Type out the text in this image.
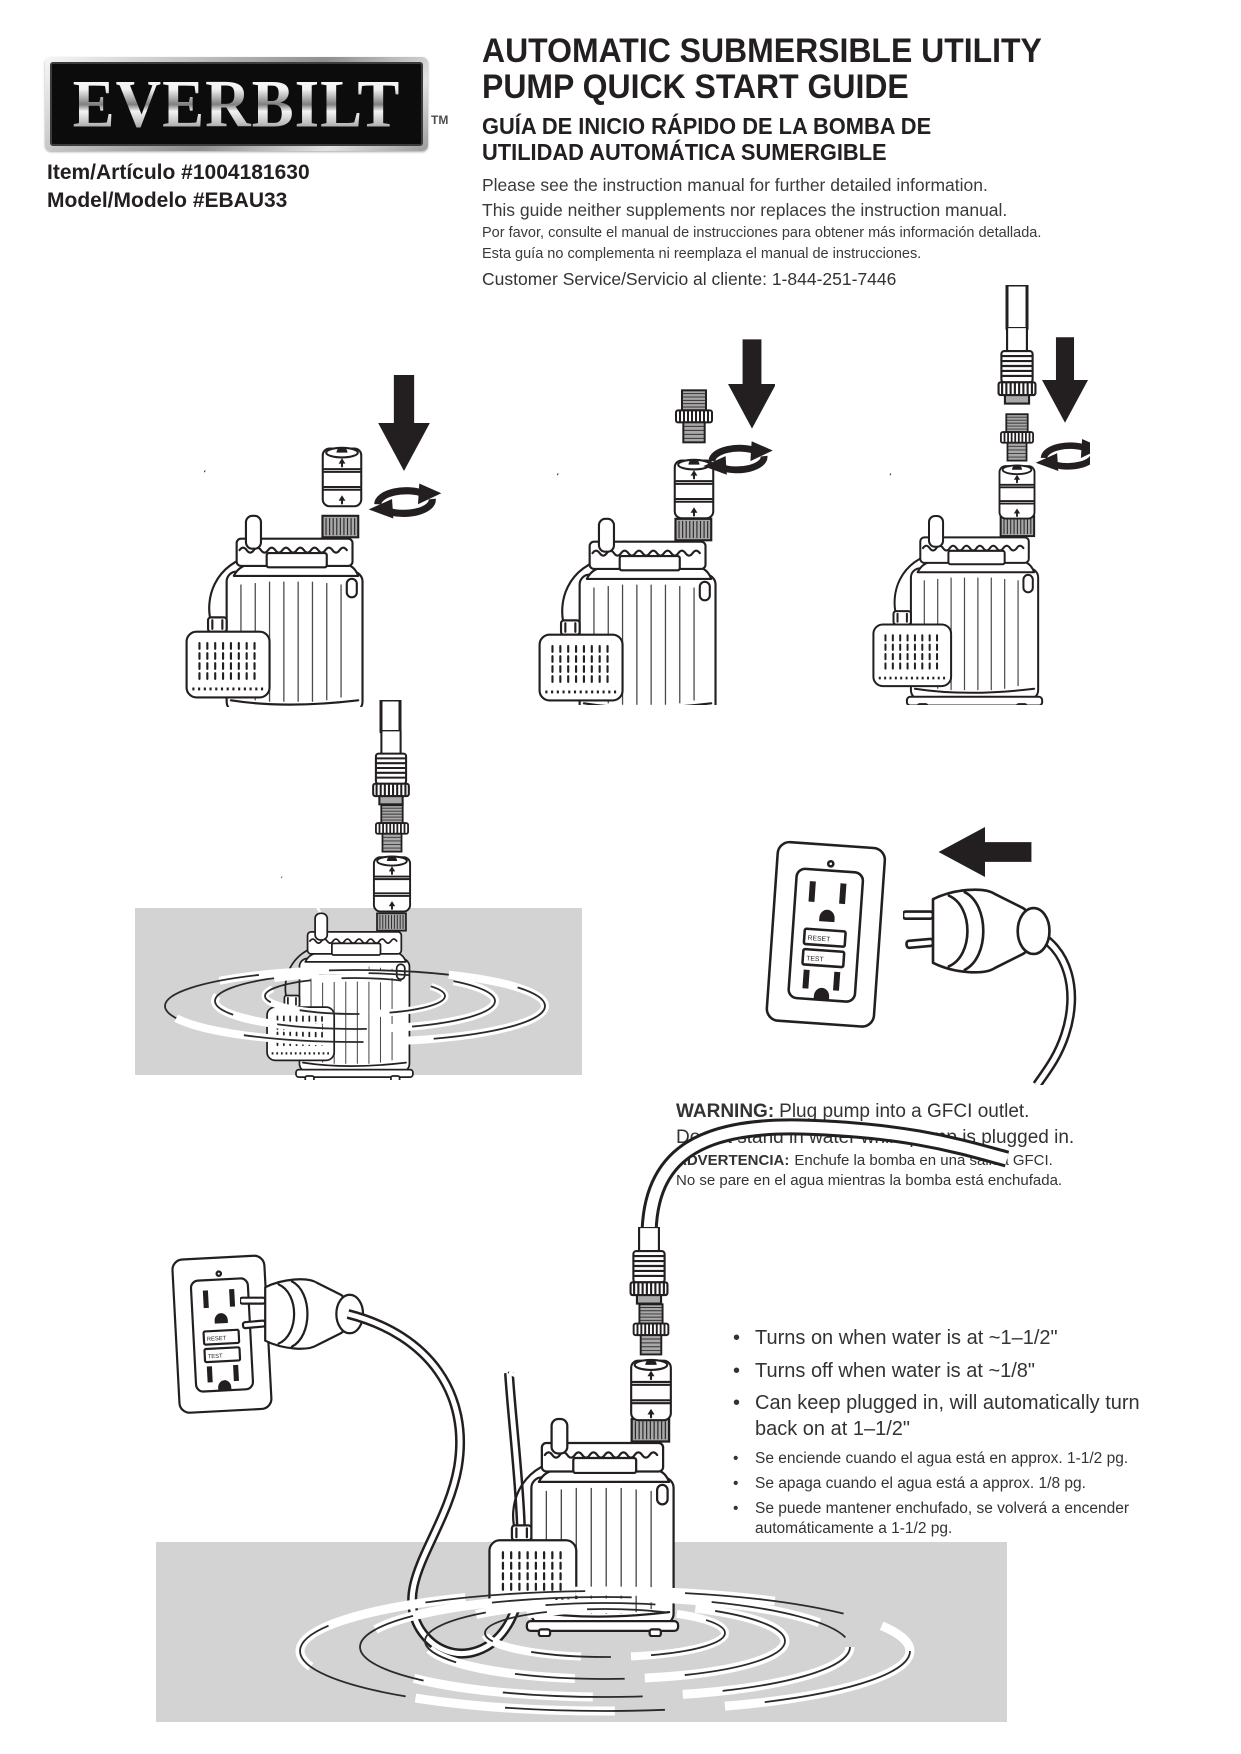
EVERBILT	TM
Item/Artículo #1004181630
Model/Modelo #EBAU33
AUTOMATIC SUBMERSIBLE UTILITY
PUMP QUICK START GUIDE
GUÍA DE INICIO RÁPIDO DE LA BOMBA DE
UTILIDAD AUTOMÁTICA SUMERGIBLE
Please see the instruction manual for further detailed information.
This guide neither supplements nor replaces the instruction manual.
Por favor, consulte el manual de instrucciones para obtener más información detallada.
Esta guía no complementa ni reemplaza el manual de instrucciones.
Customer Service/Servicio al cliente: 1-844-251-7446
WARNING: Plug pump into a GFCI outlet.
Do not stand in water while pump is plugged in.
ADVERTENCIA: Enchufe la bomba en una salida GFCI.
No se pare en el agua mientras la bomba está enchufada.
• Turns on when water is at ~1–1/2"
• Turns off when water is at ~1/8"
• Can keep plugged in, will automatically turn back on at 1–1/2"
•	Se enciende cuando el agua está en approx. 1-1/2 pg.
•	Se apaga cuando el agua está a approx. 1/8 pg.
•	Se puede mantener enchufado, se volverá a encender automáticamente a 1-1/2 pg.
